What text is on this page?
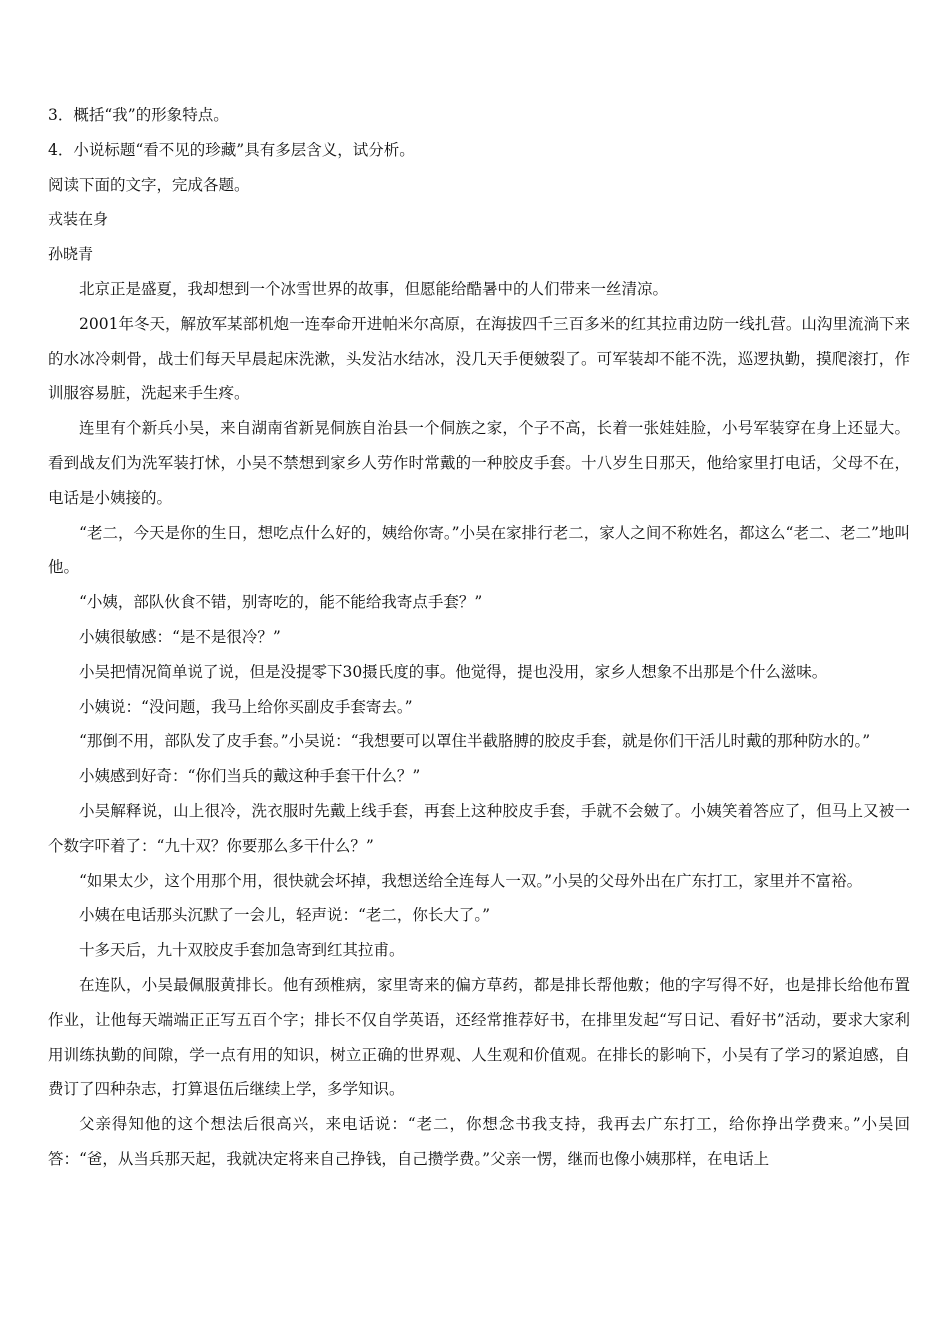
3．概括“我”的形象特点。

4．小说标题“看不见的珍藏”具有多层含义，试分析。

阅读下面的文字，完成各题。

戎装在身

孙晓青

北京正是盛夏，我却想到一个冰雪世界的故事，但愿能给酷暑中的人们带来一丝清凉。

2001年冬天，解放军某部机炮一连奉命开进帕米尔高原，在海拔四千三百多米的红其拉甫边防一线扎营。山沟里流淌下来的水冰冷刺骨，战士们每天早晨起床洗漱，头发沾水结冰，没几天手便皴裂了。可军装却不能不洗，巡逻执勤，摸爬滚打，作训服容易脏，洗起来手生疼。

连里有个新兵小吴，来自湖南省新晃侗族自治县一个侗族之家，个子不高，长着一张娃娃脸，小号军装穿在身上还显大。看到战友们为洗军装打怵，小吴不禁想到家乡人劳作时常戴的一种胶皮手套。十八岁生日那天，他给家里打电话，父母不在，电话是小姨接的。

“老二，今天是你的生日，想吃点什么好的，姨给你寄。”小吴在家排行老二，家人之间不称姓名，都这么“老二、老二”地叫他。

“小姨，部队伙食不错，别寄吃的，能不能给我寄点手套？”

小姨很敏感：“是不是很冷？”

小吴把情况简单说了说，但是没提零下30摄氏度的事。他觉得，提也没用，家乡人想象不出那是个什么滋味。

小姨说：“没问题，我马上给你买副皮手套寄去。”

“那倒不用，部队发了皮手套。”小吴说：“我想要可以罩住半截胳膊的胶皮手套，就是你们干活儿时戴的那种防水的。”

小姨感到好奇：“你们当兵的戴这种手套干什么？”

小吴解释说，山上很冷，洗衣服时先戴上线手套，再套上这种胶皮手套，手就不会皴了。小姨笑着答应了，但马上又被一个数字吓着了：“九十双？你要那么多干什么？”

“如果太少，这个用那个用，很快就会坏掉，我想送给全连每人一双。”小吴的父母外出在广东打工，家里并不富裕。

小姨在电话那头沉默了一会儿，轻声说：“老二，你长大了。”

十多天后，九十双胶皮手套加急寄到红其拉甫。

在连队，小吴最佩服黄排长。他有颈椎病，家里寄来的偏方草药，都是排长帮他敷；他的字写得不好，也是排长给他布置作业，让他每天端端正正写五百个字；排长不仅自学英语，还经常推荐好书，在排里发起“写日记、看好书”活动，要求大家利用训练执勤的间隙，学一点有用的知识，树立正确的世界观、人生观和价值观。在排长的影响下，小吴有了学习的紧迫感，自费订了四种杂志，打算退伍后继续上学，多学知识。

父亲得知他的这个想法后很高兴，来电话说：“老二，你想念书我支持，我再去广东打工，给你挣出学费来。”小吴回答：“爸，从当兵那天起，我就决定将来自己挣钱，自己攒学费。”父亲一愣，继而也像小姨那样，在电话上
